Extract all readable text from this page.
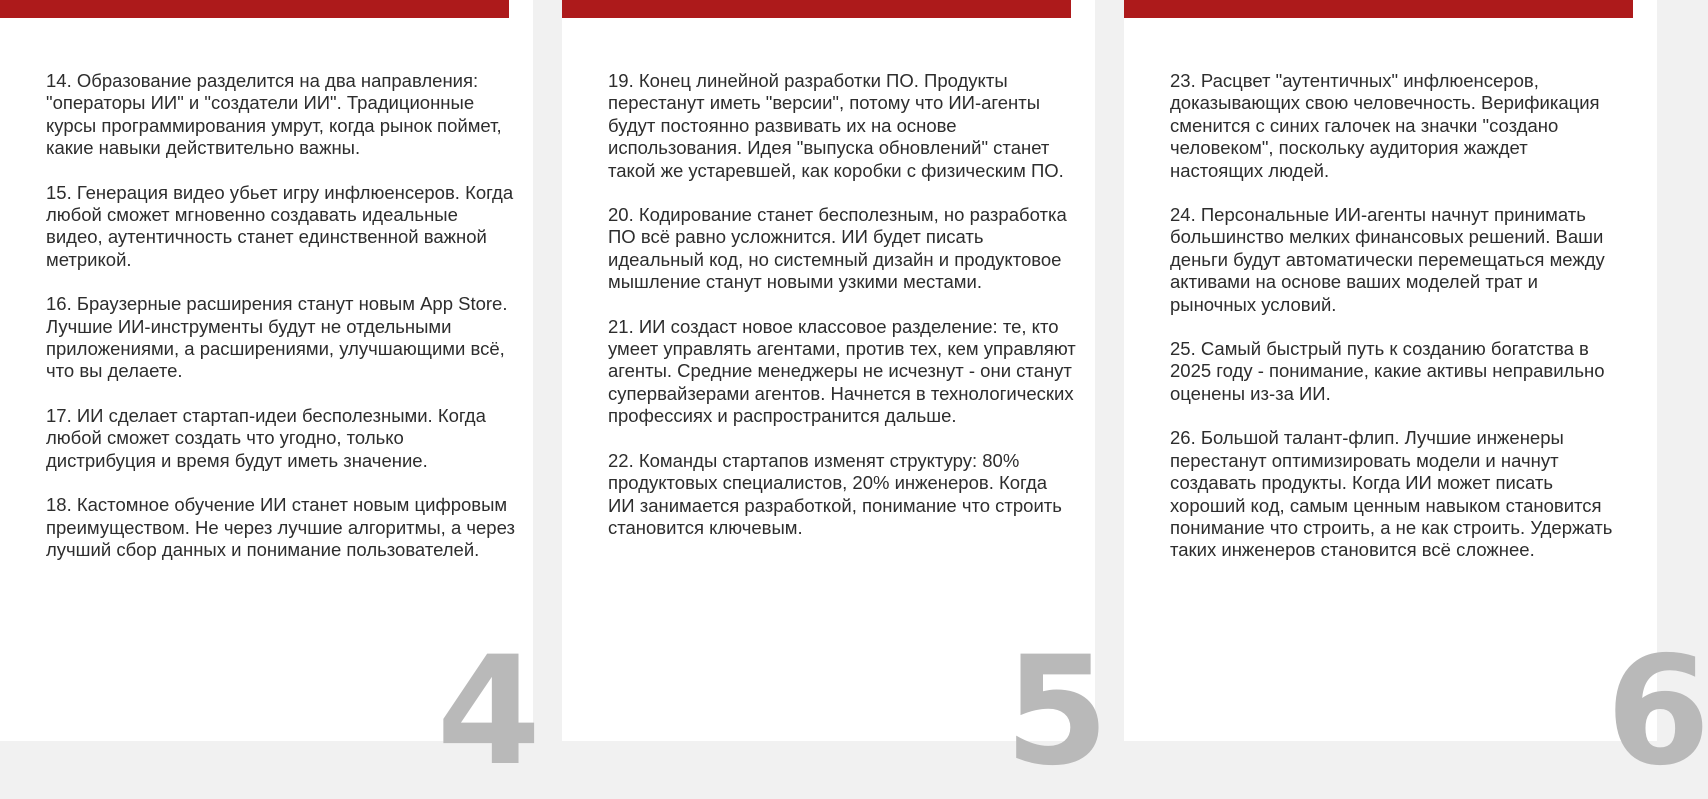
14. Образование разделится на два направления: "операторы ИИ" и "создатели ИИ". Традиционные курсы программирования умрут, когда рынок поймет, какие навыки действительно важны.

15. Генерация видео убьет игру инфлюенсеров. Когда любой сможет мгновенно создавать идеальные видео, аутентичность станет единственной важной метрикой.

16. Браузерные расширения станут новым App Store. Лучшие ИИ-инструменты будут не отдельными приложениями, а расширениями, улучшающими всё, что вы делаете.

17. ИИ сделает стартап-идеи бесполезными. Когда любой сможет создать что угодно, только дистрибуция и время будут иметь значение.

18. Кастомное обучение ИИ станет новым цифровым преимуществом. Не через лучшие алгоритмы, а через лучший сбор данных и понимание пользователей.

4

19. Конец линейной разработки ПО. Продукты перестанут иметь "версии", потому что ИИ-агенты будут постоянно развивать их на основе использования. Идея "выпуска обновлений" станет такой же устаревшей, как коробки с физическим ПО.

20. Кодирование станет бесполезным, но разработка ПО всё равно усложнится. ИИ будет писать идеальный код, но системный дизайн и продуктовое мышление станут новыми узкими местами.

21. ИИ создаст новое классовое разделение: те, кто умеет управлять агентами, против тех, кем управляют агенты. Средние менеджеры не исчезнут - они станут супервайзерами агентов. Начнется в технологических профессиях и распространится дальше.

22. Команды стартапов изменят структуру: 80% продуктовых специалистов, 20% инженеров. Когда ИИ занимается разработкой, понимание что строить становится ключевым.

5

23. Расцвет "аутентичных" инфлюенсеров, доказывающих свою человечность. Верификация сменится с синих галочек на значки "создано человеком", поскольку аудитория жаждет настоящих людей.

24. Персональные ИИ-агенты начнут принимать большинство мелких финансовых решений. Ваши деньги будут автоматически перемещаться между активами на основе ваших моделей трат и рыночных условий.

25. Самый быстрый путь к созданию богатства в 2025 году - понимание, какие активы неправильно оценены из-за ИИ.

26. Большой талант-флип. Лучшие инженеры перестанут оптимизировать модели и начнут создавать продукты. Когда ИИ может писать хороший код, самым ценным навыком становится понимание что строить, а не как строить. Удержать таких инженеров становится всё сложнее.

6
